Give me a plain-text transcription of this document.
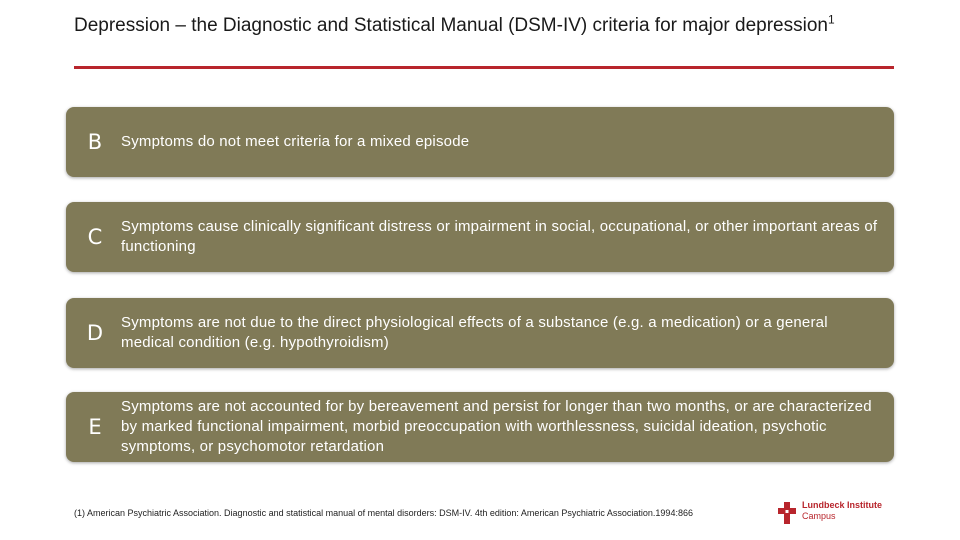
Depression – the Diagnostic and Statistical Manual (DSM-IV) criteria for major depression$^1$
B	Symptoms do not meet criteria for a mixed episode
C	Symptoms cause clinically significant distress or impairment in social, occupational, or other important areas of functioning
D	Symptoms are not due to the direct physiological effects of a substance (e.g. a medication) or a general medical condition (e.g. hypothyroidism)
E
Symptoms are not accounted for by bereavement and persist for longer than two months, or are characterized by marked functional impairment, morbid preoccupation with worthlessness, suicidal ideation, psychotic symptoms, or psychomotor retardation
(1) American Psychiatric Association. Diagnostic and statistical manual of mental disorders: DSM-IV. 4th edition: American Psychiatric Association.1994:866
Lundbeck Institute
Campus
